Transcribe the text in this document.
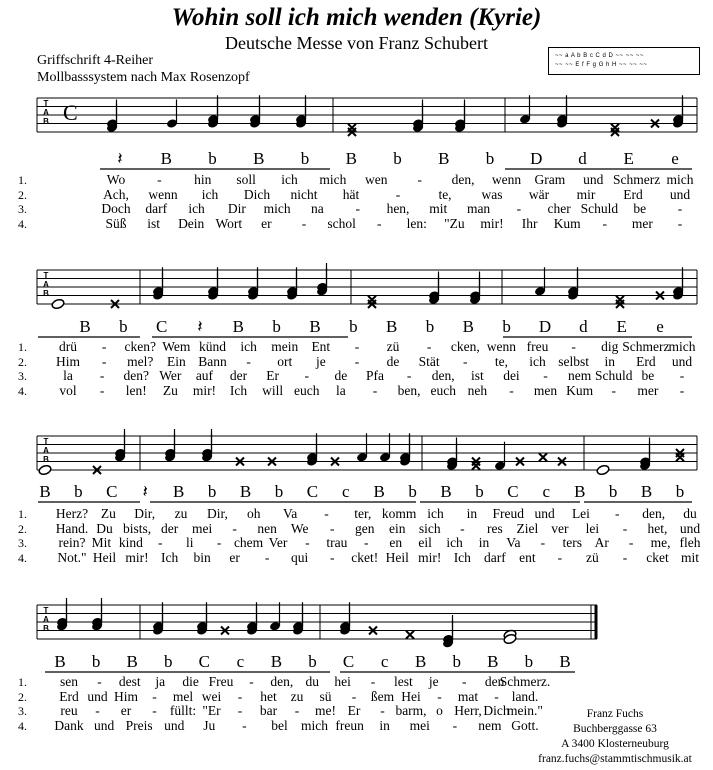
Wohin soll ich mich wenden (Kyrie)
Deutsche Messe von Franz Schubert
Griffschrift 4-Reiher
Mollbasssystem nach Max Rosenzopf
~~ a A b B c C d D ~~ ~~ ~~
~~ ~~ E f F g G h H ~~ ~~ ~~
T
A
B C
T
A
B
T
A
B
T
A
B
𝄽 B b B b B b B b D d E e
1.	Wo - hin soll ich mich wen - den, wenn Gram und Schmerz mich
2.	Ach, wenn ich Dich nicht hät	-	te, was wär mir Erd und
3.	Doch darf ich Dir mich na - hen, mit man - cher Schuld be -
4.	Süß ist Dein Wort er - schol - len: "Zu mir! Ihr Kum - mer -
B b C 𝄽 B b B b B b B b D d E e
1. drü - cken? Wem künd ich mein Ent - zü - cken, wenn freu - dig Schmerz mich
2. Him - mel? Ein Bann - ort je - de Stät - te, ich selbst in Erd und
3.	la - den? Wer auf der Er - de Pfa - den, ist dei - nem Schuld be -
4. vol - len! Zu mir! Ich will euch la - ben, euch neh - men Kum - mer -
B b C 𝄽 B b B b C c B b B b C c B b B b
1. Herz? Zu Dir, zu Dir, oh Va - ter, komm ich in Freud und Lei - den, du
2. Hand. Du bists, der mei - nen We - gen ein sich - res Ziel ver lei - het, und
3. rein? Mit kind - li - chem Ver - trau - en eil ich in Va - ters Ar - me, fleh
4. Not." Heil mir! Ich bin er - qui - cket! Heil mir! Ich darf ent - zü - cket mit
B b B b C c B b C c B b B b B
1. sen - dest ja die Freu - den, du hei - lest je - den
Schmerz.
2. Erd und Him - mel wei - het zu sü - ßem Hei - mat - land.
3. reu - er - füllt: "Er - bar - me! Er - barm, o Herr, Dich
mein."
4. Dank und Preis und Ju - bel mich freun in mei - nem Gott.
Franz Fuchs
Buchberggasse 63
A 3400 Klosterneuburg
franz.fuchs@stammtischmusik.at
